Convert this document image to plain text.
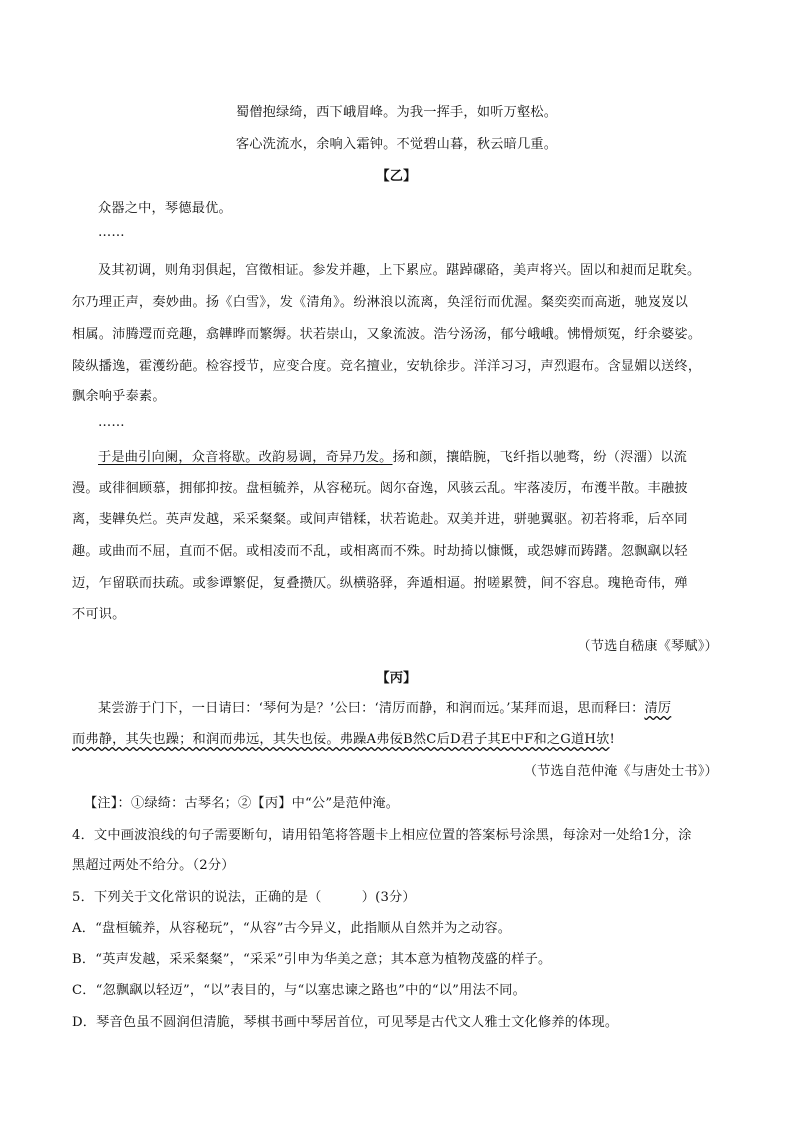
蜀僧抱绿绮，西下峨眉峰。为我一挥手，如听万壑松。
客心洗流水，余响入霜钟。不觉碧山暮，秋云暗几重。
【乙】
众器之中，琴德最优。
……
及其初调，则角羽俱起，宫徵相证。参发并趣，上下累应。踸踔磥硌，美声将兴。固以和昶而足耽矣。
尔乃理正声，奏妙曲。扬《白雪》，发《清角》。纷淋浪以流离，奂淫衍而优渥。粲奕奕而高逝，驰岌岌以
相属。沛腾遌而竞趣，翕韡晔而繁缛。状若崇山，又象流波。浩兮汤汤，郁兮峨峨。怫愲烦冤，纡余婆娑。
陵纵播逸，霍濩纷葩。检容授节，应变合度。竞名擅业，安轨徐步。洋洋习习，声烈遐布。含显媚以送终，
飘余响乎泰素。
……
于是曲引向阑，众音将歇。改韵易调，奇异乃发。扬和颜，攘皓腕，飞纤指以驰骛，纷（浕澑）以流
漫。或徘徊顾慕，拥郁抑按。盘桓毓养，从容秘玩。闼尔奋逸，风骇云乱。牢落凌厉，布濩半散。丰融披
离，斐韡奂烂。英声发越，采采粲粲。或间声错糅，状若诡赴。双美并进，骈驰翼驱。初若将乖，后卒同
趣。或曲而不屈，直而不倨。或相凌而不乱，或相离而不殊。时劫掎以慷慨，或怨嫭而踌躇。忽飘飖以轻
迈，乍留联而扶疏。或参谭繁促，复叠攒仄。纵横骆驿，奔遁相逼。拊嗟累赞，间不容息。瑰艳奇伟，殚
不可识。
（节选自嵇康《琴赋》）
【丙】
某尝游于门下，一日请曰：‘琴何为是？’公曰：‘清厉而静，和润而远。’某拜而退，思而释曰：清厉
而弗静，其失也躁；和润而弗远，其失也佞。弗躁A弗佞B然C后D君子其E中F和之G道H欤!
（节选自范仲淹《与唐处士书》）
【注】：①绿绮：古琴名；②【丙】中“公”是范仲淹。
4．文中画波浪线的句子需要断句，请用铅笔将答题卡上相应位置的答案标号涂黑，每涂对一处给1分，涂
黑超过两处不给分。（2分）
5．下列关于文化常识的说法，正确的是（　　　）(3分）
A．“盘桓毓养，从容秘玩”，“从容”古今异义，此指顺从自然并为之动容。
B．“英声发越，采采粲粲”，“采采”引申为华美之意；其本意为植物茂盛的样子。
C．“忽飘飖以轻迈”，“以”表目的，与“以塞忠谏之路也”中的“以”用法不同。
D．琴音色虽不圆润但清脆，琴棋书画中琴居首位，可见琴是古代文人雅士文化修养的体现。
